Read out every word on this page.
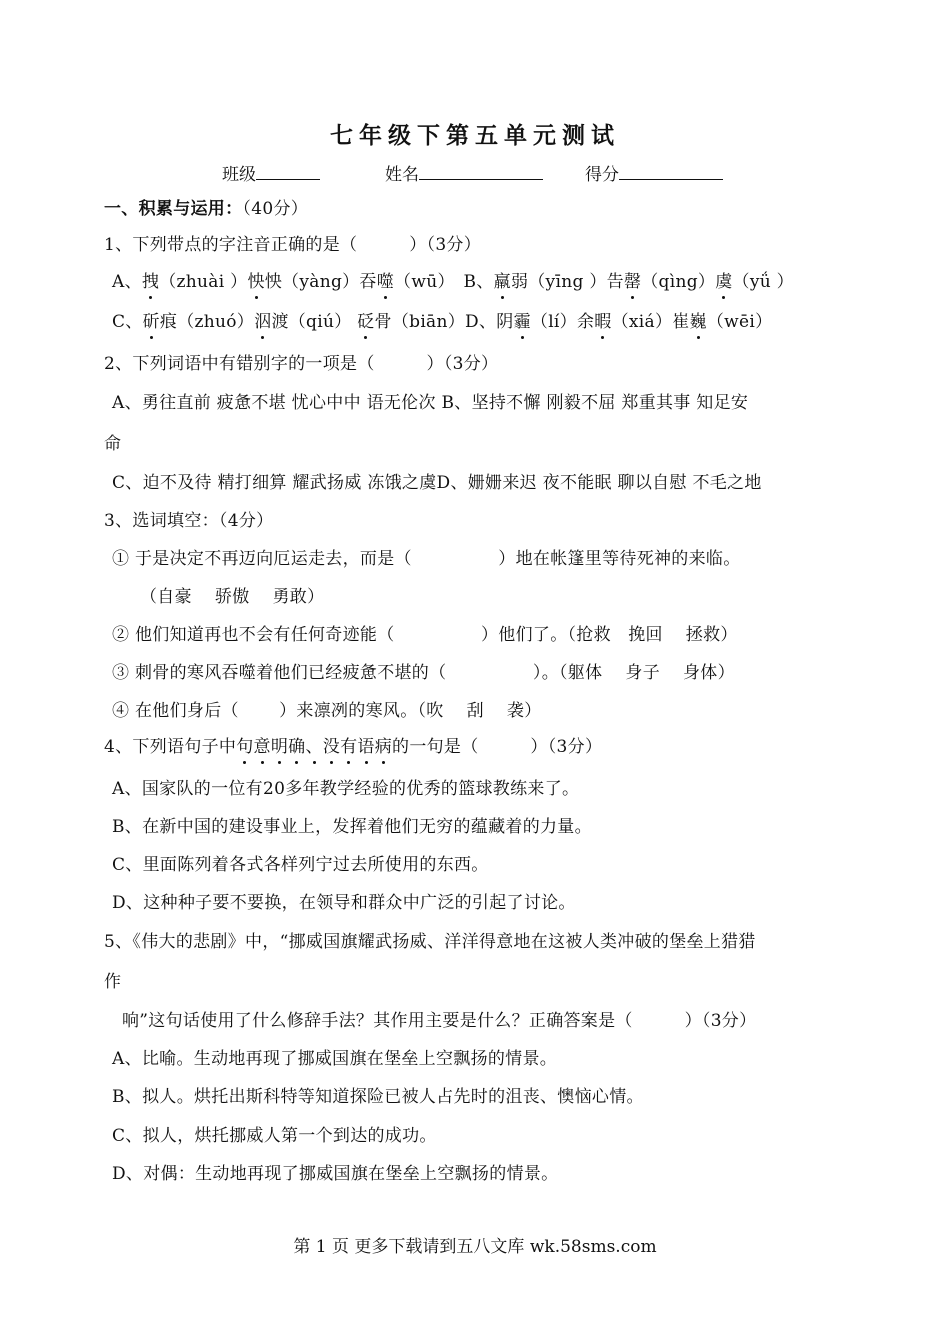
七年级下第五单元测试
班级	姓名	得分
一、积累与运用：（40分）
1、下列带点的字注音正确的是（　　　）（3分）
A、拽（zhuài ）怏怏（yàng）吞噬（wū）　B、羸弱（yīng ）告罄（qìng）虞（yǘ ）
C、斫痕（zhuó）泅渡（qiú） 砭骨（biān）D、阴霾（lí）余暇（xiá）崔巍（wēi）
2、下列词语中有错别字的一项是（　　　）（3分）
A、勇往直前 疲惫不堪 忧心中中 语无伦次 B、坚持不懈 刚毅不屈 郑重其事 知足安
命
C、迫不及待 精打细算 耀武扬威 冻饿之虞D、姗姗来迟 夜不能眠 聊以自慰 不毛之地
3、选词填空：（4分）
① 于是决定不再迈向厄运走去，而是（　　　　　）地在帐篷里等待死神的来临。
（自豪　 骄傲　 勇敢）
② 他们知道再也不会有任何奇迹能（　　　　　）他们了。（抢救　挽回　 拯救）
③ 刺骨的寒风吞噬着他们已经疲惫不堪的（　　　　　）。（躯体　 身子　 身体）
④ 在他们身后（　　 ）来凛冽的寒风。（吹　 刮　 袭）
4、下列语句子中句意明确、没有语病的一句是（　　　）（3分）
A、国家队的一位有20多年教学经验的优秀的篮球教练来了。
B、在新中国的建设事业上，发挥着他们无穷的蕴藏着的力量。
C、里面陈列着各式各样列宁过去所使用的东西。
D、这种种子要不要换，在领导和群众中广泛的引起了讨论。
5、《伟大的悲剧》中，“挪威国旗耀武扬威、洋洋得意地在这被人类冲破的堡垒上猎猎
作
响”这句话使用了什么修辞手法？其作用主要是什么？正确答案是（　　　）（3分）
A、比喻。生动地再现了挪威国旗在堡垒上空飘扬的情景。
B、拟人。烘托出斯科特等知道探险已被人占先时的沮丧、懊恼心情。
C、拟人，烘托挪威人第一个到达的成功。
D、对偶：生动地再现了挪威国旗在堡垒上空飘扬的情景。
第 1 页 更多下载请到五八文库 wk.58sms.com
